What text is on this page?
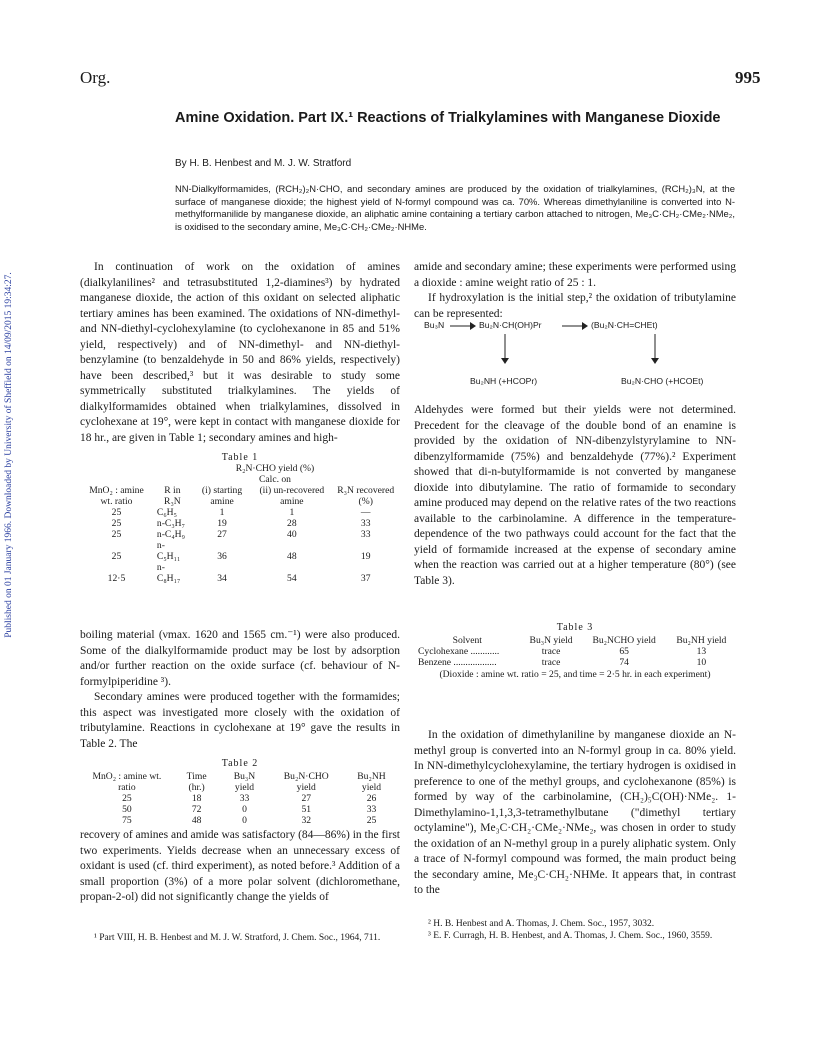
Org.	995
Amine Oxidation. Part IX.¹ Reactions of Trialkylamines with Manganese Dioxide
By H. B. Henbest and M. J. W. Stratford
NN-Dialkylformamides, (RCH₂)₂N·CHO, and secondary amines are produced by the oxidation of trialkylamines, (RCH₂)₃N, at the surface of manganese dioxide; the highest yield of N-formyl compound was ca. 70%. Whereas dimethylaniline is converted into N-methylformanilide by manganese dioxide, an aliphatic amine containing a tertiary carbon attached to nitrogen, Me₃C·CH₂·CMe₂·NMe₂, is oxidised to the secondary amine, Me₃C·CH₂·CMe₂·NHMe.
Published on 01 January 1966. Downloaded by University of Sheffield on 14/09/2015 19:34:27.

In continuation of work on the oxidation of amines (dialkylanilines² and tetrasubstituted 1,2-diamines³) by hydrated manganese dioxide, the action of this oxidant on selected aliphatic tertiary amines has been examined. The oxidations of NN-dimethyl- and NN-diethyl-cyclohexylamine (to cyclohexanone in 85 and 51% yield, respectively) and of NN-dimethyl- and NN-diethyl-benzylamine (to benzaldehyde in 50 and 86% yields, respectively) have been described,³ but it was desirable to study some symmetrically substituted trialkylamines. The yields of dialkylformamides obtained when trialkylamines, dissolved in cyclohexane at 19°, were kept in contact with manganese dioxide for 18 hr., are given in Table 1; secondary amines and high-

Table 1
R₂N·CHO yield (%)
Calc. on
MnO₂ : amine wt. ratio	R in R₃N	(i) starting amine	(ii) un-recovered amine	R₃N recovered (%)
25	C₆H₅	1	1	—
25	n-C₃H₇	19	28	33
25	n-C₄H₉	27	40	33
25	n-C₅H₁₁	36	48	19
12·5	n-C₈H₁₇	34	54	37

boiling material (νmax. 1620 and 1565 cm.⁻¹) were also produced. Some of the dialkylformamide product may be lost by adsorption and/or further reaction on the oxide surface (cf. behaviour of N-formylpiperidine ³).

Secondary amines were produced together with the formamides; this aspect was investigated more closely with the oxidation of tributylamine. Reactions in cyclohexane at 19° gave the results in Table 2. The

Table 2
MnO₂ : amine wt. ratio	Time (hr.)	Bu₃N yield	Bu₂N·CHO yield	Bu₂NH yield
25	18	33	27	26
50	72	0	51	33
75	48	0	32	25

recovery of amines and amide was satisfactory (84—86%) in the first two experiments. Yields decrease when an unnecessary excess of oxidant is used (cf. third experiment), as noted before.³ Addition of a small proportion (3%) of a more polar solvent (dichloromethane, propan-2-ol) did not significantly change the yields of

¹ Part VIII, H. B. Henbest and M. J. W. Stratford, J. Chem. Soc., 1964, 711.

amide and secondary amine; these experiments were performed using a dioxide : amine weight ratio of 25 : 1.

If hydroxylation is the initial step,² the oxidation of tributylamine can be represented:

Bu₃N	Bu₂N·CH(OH)Pr	(Bu₂N·CH=CHEt)
Bu₂NH (+HCOPr)	Bu₂N·CHO (+HCOEt)

Aldehydes were formed but their yields were not determined. Precedent for the cleavage of the double bond of an enamine is provided by the oxidation of NN-dibenzylstyrylamine to NN-dibenzylformamide (75%) and benzaldehyde (77%).² Experiment showed that di-n-butylformamide is not converted by manganese dioxide into dibutylamine. The ratio of formamide to secondary amine produced may depend on the relative rates of the two reactions available to the carbinolamine. A difference in the temperature-dependence of the two pathways could account for the fact that the yield of formamide increased at the expense of secondary amine when the reaction was carried out at a higher temperature (80°) (see Table 3).

Table 3
Solvent	Bu₃N yield	Bu₂NCHO yield	Bu₂NH yield
Cyclohexane ............	trace	65	13
Benzene ..................	trace	74	10
(Dioxide : amine wt. ratio = 25, and time = 2·5 hr. in each experiment)

In the oxidation of dimethylaniline by manganese dioxide an N-methyl group is converted into an N-formyl group in ca. 80% yield. In NN-dimethylcyclohexylamine, the tertiary hydrogen is oxidised in preference to one of the methyl groups, and cyclohexanone (85%) is formed by way of the carbinolamine, (CH₂)₅C(OH)·NMe₂. 1-Dimethylamino-1,1,3,3-tetramethylbutane ("dimethyl tertiary octylamine"), Me₃C·CH₂·CMe₂·NMe₂, was chosen in order to study the oxidation of an N-methyl group in a purely aliphatic system. Only a trace of N-formyl compound was formed, the main product being the secondary amine, Me₃C·CH₂·NHMe. It appears that, in contrast to the

² H. B. Henbest and A. Thomas, J. Chem. Soc., 1957, 3032.
³ E. F. Curragh, H. B. Henbest, and A. Thomas, J. Chem. Soc., 1960, 3559.
